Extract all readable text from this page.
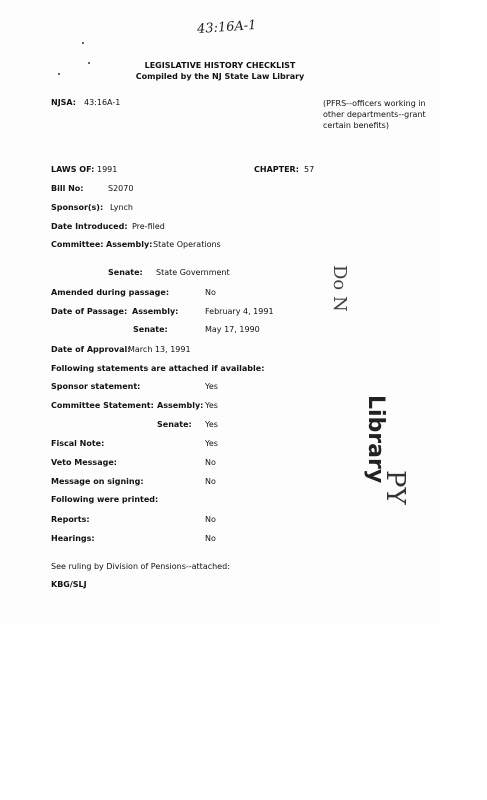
43:16A-1
LEGISLATIVE HISTORY CHECKLIST
Compiled by the NJ State Law Library
NJSA: 43:16A-1	(PFRS--officers working in other departments--grant certain benefits)
LAWS OF: 1991	CHAPTER: 57
Bill No:	S2070
Sponsor(s): Lynch
Date Introduced: Pre-filed
Committee: Assembly: State Operations
Senate: State Government
Amended during passage:	No
Date of Passage: Assembly:	February 4, 1991
Senate:	May 17, 1990
Date of Approval:
March 13, 1991
Following statements are attached if available:
Sponsor statement:	Yes
Committee Statement: Assembly: Yes
Senate: Yes
Fiscal Note:	Yes
Veto Message:	No
Message on signing:	No
Following were printed:
Reports:	No
Hearings:	No
See ruling by Division of Pensions--attached:
KBG/SLJ
Do N
Library
PY
